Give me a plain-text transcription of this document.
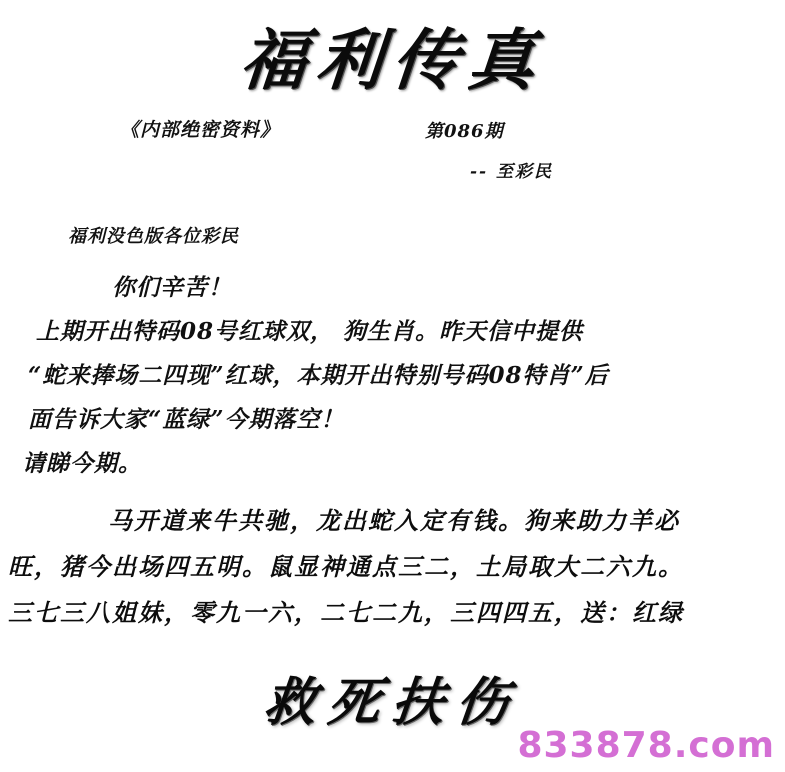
福利传真
《内部绝密资料》	第086期
-- 至彩民
福利没色版各位彩民
你们辛苦！
上期开出特码08号红球双， 狗生肖。昨天信中提供
“蛇来捧场二四现”红球，本期开出特别号码08特肖”后
面告诉大家“蓝绿”今期落空！
请睇今期。
马开道来牛共驰，龙出蛇入定有钱。狗来助力羊必
旺，猪今出场四五明。鼠显神通点三二，土局取大二六九。
三七三八姐妹，零九一六，二七二九，三四四五，送：红绿
救死扶伤
833878.com
